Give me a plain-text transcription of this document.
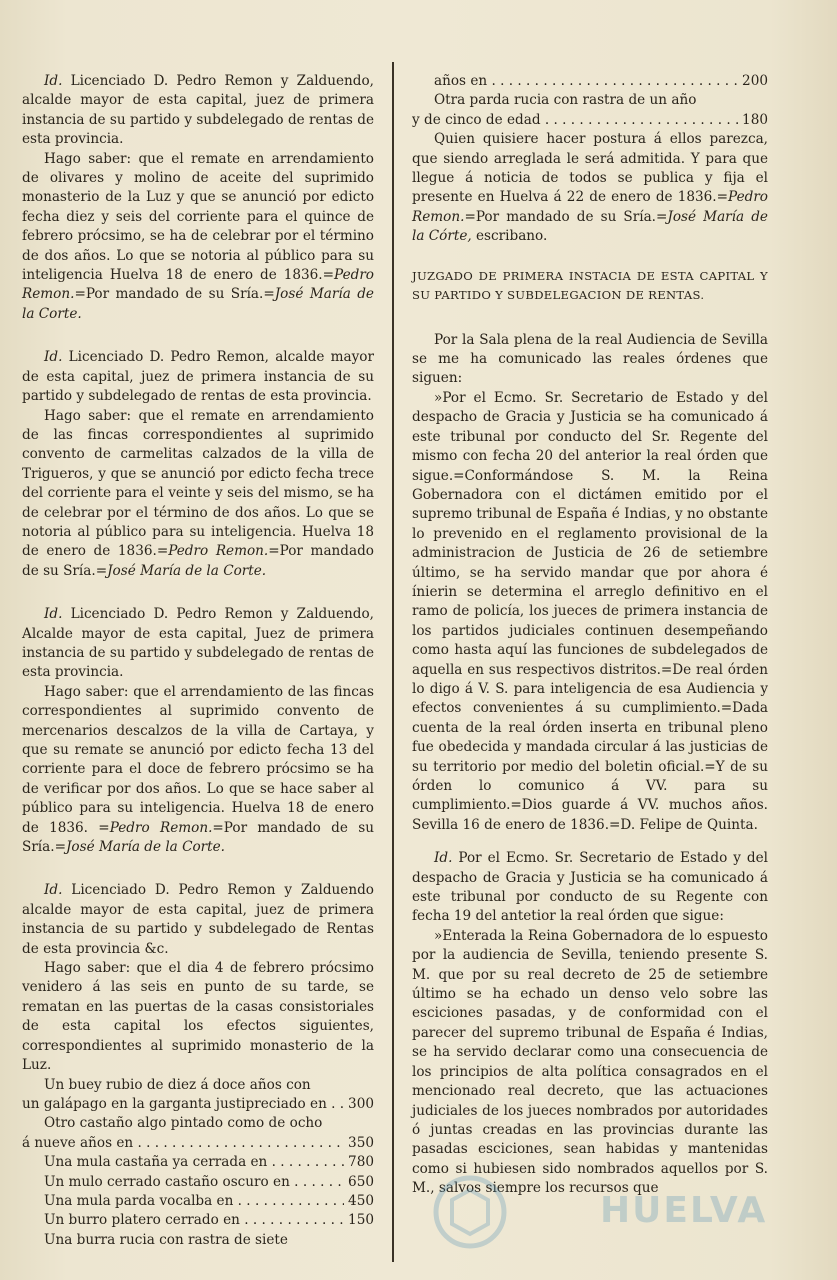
Id. Licenciado D. Pedro Remon y Zalduendo, alcalde mayor de esta capital, juez de primera instancia de su partido y subdelegado de rentas de esta provincia.

Hago saber: que el remate en arrendamiento de olivares y molino de aceite del suprimido monasterio de la Luz y que se anunció por edicto fecha diez y seis del corriente para el quince de febrero prócsimo, se ha de celebrar por el término de dos años. Lo que se notoria al público para su inteligencia Huelva 18 de enero de 1836.=Pedro Remon.=Por mandado de su Sría.=José María de la Corte.

Id. Licenciado D. Pedro Remon, alcalde mayor de esta capital, juez de primera instancia de su partido y subdelegado de rentas de esta provincia.

Hago saber: que el remate en arrendamiento de las fincas correspondientes al suprimido convento de carmelitas calzados de la villa de Trigueros, y que se anunció por edicto fecha trece del corriente para el veinte y seis del mismo, se ha de celebrar por el término de dos años. Lo que se notoria al público para su inteligencia. Huelva 18 de enero de 1836.=Pedro Remon.=Por mandado de su Sría.=José María de la Corte.

Id. Licenciado D. Pedro Remon y Zalduendo, Alcalde mayor de esta capital, Juez de primera instancia de su partido y subdelegado de rentas de esta provincia.

Hago saber: que el arrendamiento de las fincas correspondientes al suprimido convento de mercenarios descalzos de la villa de Cartaya, y que su remate se anunció por edicto fecha 13 del corriente para el doce de febrero prócsimo se ha de verificar por dos años. Lo que se hace saber al público para su inteligencia. Huelva 18 de enero de 1836. =Pedro Remon.=Por mandado de su Sría.=José María de la Corte.

Id. Licenciado D. Pedro Remon y Zalduendo alcalde mayor de esta capital, juez de primera instancia de su partido y subdelegado de Rentas de esta provincia &c.

Hago saber: que el dia 4 de febrero prócsimo venidero á las seis en punto de su tarde, se rematan en las puertas de la casas consistoriales de esta capital los efectos siguientes, correspondientes al suprimido monasterio de la Luz.

Un buey rubio de diez á doce años con

un galápago en la garganta justipreciado en . . .	300

Otro castaño algo pintado como de ocho

á nueve años en . . .	350
Una mula castaña ya cerrada en . . .	780
Un mulo cerrado castaño oscuro en . . .	650
Una mula parda vocalba en . . .	450
Un burro platero cerrado en . . .	150

Una burra rucia con rastra de siete

años en . . .	200

Otra parda rucia con rastra de un año

y de cinco de edad . . .	180

Quien quisiere hacer postura á ellos parezca, que siendo arreglada le será admitida. Y para que llegue á noticia de todos se publica y fija el presente en Huelva á 22 de enero de 1836.=Pedro Remon.=Por mandado de su Sría.=José María de la Córte, escribano.

JUZGADO DE PRIMERA INSTACIA DE ESTA CAPITAL Y SU PARTIDO Y SUBDELEGACION DE RENTAS.

Por la Sala plena de la real Audiencia de Sevilla se me ha comunicado las reales órdenes que siguen:

»Por el Ecmo. Sr. Secretario de Estado y del despacho de Gracia y Justicia se ha comunicado á este tribunal por conducto del Sr. Regente del mismo con fecha 20 del anterior la real órden que sigue.=Conformándose S. M. la Reina Gobernadora con el dictámen emitido por el supremo tribunal de España é Indias, y no obstante lo prevenido en el reglamento provisional de la administracion de Justicia de 26 de setiembre último, se ha servido mandar que por ahora é ínierin se determina el arreglo definitivo en el ramo de policía, los jueces de primera instancia de los partidos judiciales continuen desempeñando como hasta aquí las funciones de subdelegados de aquella en sus respectivos distritos.=De real órden lo digo á V. S. para inteligencia de esa Audiencia y efectos convenientes á su cumplimiento.=Dada cuenta de la real órden inserta en tribunal pleno fue obedecida y mandada circular á las justicias de su territorio por medio del boletin oficial.=Y de su órden lo comunico á VV. para su cumplimiento.=Dios guarde á VV. muchos años. Sevilla 16 de enero de 1836.=D. Felipe de Quinta.

Id. Por el Ecmo. Sr. Secretario de Estado y del despacho de Gracia y Justicia se ha comunicado á este tribunal por conducto de su Regente con fecha 19 del antetior la real órden que sigue:

»Enterada la Reina Gobernadora de lo espuesto por la audiencia de Sevilla, teniendo presente S. M. que por su real decreto de 25 de setiembre último se ha echado un denso velo sobre las esciciones pasadas, y de conformidad con el parecer del supremo tribunal de España é Indias, se ha servido declarar como una consecuencia de los principios de alta política consagrados en el mencionado real decreto, que las actuaciones judiciales de los jueces nombrados por autoridades ó juntas creadas en las provincias durante las pasadas esciciones, sean habidas y mantenidas como si hubiesen sido nombrados aquellos por S. M., salvos siempre los recursos que

HUELVA
